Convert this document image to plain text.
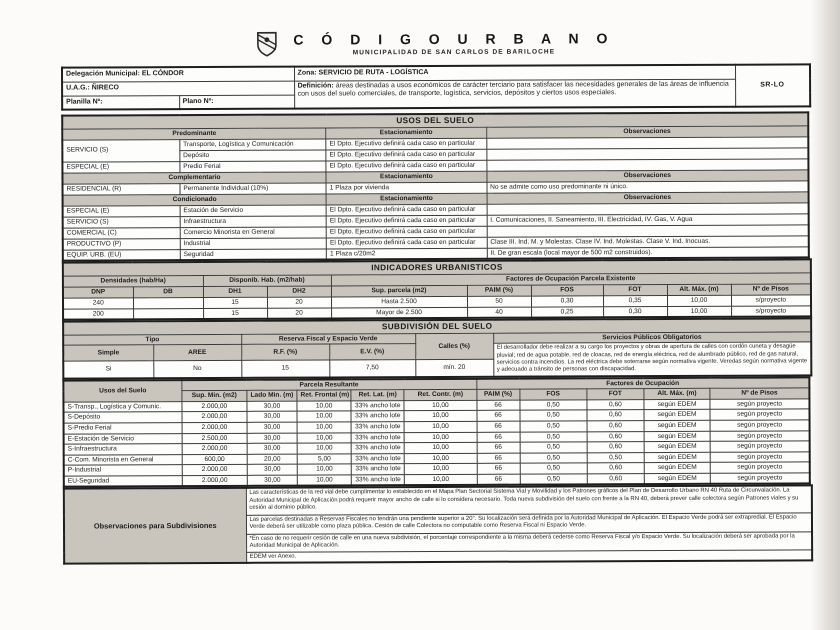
C Ó D I G O U R B A N O
MUNICIPALIDAD DE SAN CARLOS DE BARILOCHE
Delegación Municipal: EL CÓNDOR		Zona: SERVICIO DE RUTA - LOGÍSTICA	SR-LO
U.A.G.: ÑIRECO		Definición: áreas destinadas a usos económicos de carácter terciario para satisfacer las necesidades generales de las áreas de influencia con usos del suelo comerciales, de transporte, logística, servicios, depósitos y ciertos usos especiales.	
Planilla Nº:	Plano Nº:		
USOS DEL SUELO			
Predominante		Estacionamiento	Observaciones
SERVICIO (S)	Transporte, Logística y Comunicación	El Dpto. Ejecutivo definirá cada caso en particular	
	Depósito	El Dpto. Ejecutivo definirá cada caso en particular	
ESPECIAL (E)	Predio Ferial	El Dpto. Ejecutivo definirá cada caso en particular	
Complementario		Estacionamiento	Observaciones
RESIDENCIAL (R)	Permanente Individual (10%)	1 Plaza por vivienda	No se admite como uso predominante ni único.
Condicionado		Estacionamiento	Observaciones
ESPECIAL (E)	Estación de Servicio	El Dpto. Ejecutivo definirá cada caso en particular	
SERVICIO (S)	Infraestructura	El Dpto. Ejecutivo definirá cada caso en particular	I. Comunicaciones, II. Saneamiento, III. Electricidad, IV. Gas, V. Agua
COMERCIAL (C)	Comercio Minorista en General	El Dpto. Ejecutivo definirá cada caso en particular	
PRODUCTIVO (P)	Industrial	El Dpto. Ejecutivo definirá cada caso en particular	Clase III. Ind. M. y Molestas. Clase IV. Ind. Molestas. Clase V. Ind. Inocuas.
EQUIP. URB. (EU)	Seguridad	1 Plaza c/20m2	II. De gran escala (local mayor de 500 m2 construidos).
INDICADORES URBANISTICOS									
Densidades (hab/Ha)		Disponib. Hab. (m2/hab)		Factores de Ocupación Parcela Existente					
DNP	DB	DH1	DH2	Sup. parcela (m2)	PAIM (%)	FOS	FOT	Alt. Máx. (m)	Nº de Pisos
240		15	20	Hasta 2.500	50	0,30	0,35	10,00	s/proyecto
200		15	20	Mayor de 2.500	40	0,25	0,30	10,00	s/proyecto
SUBDIVISIÓN DEL SUELO					
Tipo		Reserva Fiscal y Espacio Verde		Calles (%)	Servicios Públicos Obligatorios
Simple	AREE	R.F. (%)	E.V. (%)		El desarrollador debe realizar a su cargo los proyectos y obras de apertura de calles con cordón cuneta y desagüe pluvial; red de agua potable, red de cloacas, red de energía eléctrica, red de alumbrado público, red de gas natural, servicios contra incendios. La red eléctrica debe soterrarse según normativa vigente. Veredas según normativa vigente y adecuado a tránsito de personas con discapacidad.
Si	No	15	7,50	mín. 20	
Usos del Suelo	Parcela Resultante					Factores de Ocupación				
	Sup. Min. (m2)	Lado Min. (m)	Ret. Frontal (m)	Ret. Lat. (m)	Ret. Contr. (m)	PAIM (%)	FOS	FOT	Alt. Máx. (m)	Nº de Pisos
S-Transp., Logística y Comunic.	2.000,00	30,00	10,00	33% ancho lote	10,00	66	0,50	0,60	según EDEM	según proyecto
S-Depósito	2.000,00	30,00	10,00	33% ancho lote	10,00	66	0,50	0,60	según EDEM	según proyecto
S-Predio Ferial	2.000,00	30,00	10,00	33% ancho lote	10,00	66	0,50	0,60	según EDEM	según proyecto
E-Estación de Servicio	2.500,00	30,00	10,00	33% ancho lote	10,00	66	0,50	0,60	según EDEM	según proyecto
S-Infraestructura	2.000,00	30,00	10,00	33% ancho lote	10,00	66	0,50	0,60	según EDEM	según proyecto
C-Com. Minorista en General	600,00	20,00	5,00	33% ancho lote	10,00	66	0,50	0,50	según EDEM	según proyecto
P-Industrial	2.000,00	30,00	10,00	33% ancho lote	10,00	66	0,50	0,60	según EDEM	según proyecto
EU-Seguridad	2.000,00	30,00	10,00	33% ancho lote	10,00	66	0,50	0,60	según EDEM	según proyecto
Observaciones para Subdivisiones	Las características de la red vial debe cumplimentar lo establecido en el Mapa Plan Sectorial Sistema Vial y Movilidad y los Patrones gráficos del Plan de Desarrollo Urbano RN 40 Ruta de Circunvalación. La Autoridad Municipal de Aplicación podrá requerir mayor ancho de calle si lo considera necesario. Toda nueva subdivisión del suelo con frente a la RN 40, deberá prever calle colectora según Patrones viales y su cesión al dominio público.
Las parcelas destinadas a Reservas Fiscales no tendrán una pendiente superior a 20°. Su localización será definida por la Autoridad Municipal de Aplicación. El Espacio Verde podrá ser extrapredial. El Espacio Verde deberá ser utilizable como plaza pública. Cesión de calle Colectora no computable como Reserva Fiscal ni Espacio Verde.
*En caso de no requerir cesión de calle en una nueva subdivisión, el porcentaje correspondiente a la misma deberá cederse como Reserva Fiscal y/o Espacio Verde. Su localización deberá ser aprobada por la Autoridad Municipal de Aplicación.
EDEM ver Anexo.
